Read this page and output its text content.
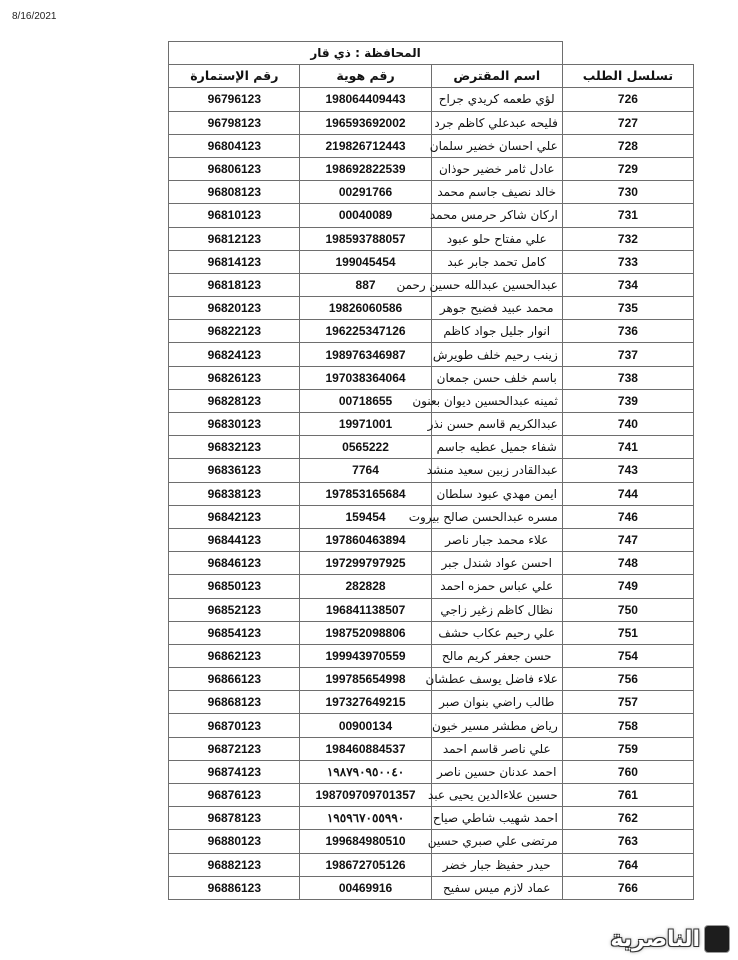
8/16/2021
	المحافظة : ذي قار			
تسلسل الطلب	اسم المقترض	رقم هوية	رقم الإستمارة	
726	لؤي طعمه كريدي جراح	198064409443	96796123	
727	فليحه عبدعلي كاظم جرد	196593692002	96798123	
728	علي احسان خضير سلمان	219826712443	96804123	
729	عادل ثامر خضير حوذان	198692822539	96806123	
730	خالد نصيف جاسم محمد	00291766	96808123	
731	اركان شاكر حرمس محمد	00040089	96810123	
732	علي مفتاح حلو عبود	198593788057	96812123	
733	كامل تحمد جابر عبد	199045454	96814123	
734	عبدالحسين عبدالله حسين رحمن	887	96818123	
735	محمد عبيد فضيح جوهر	19826060586	96820123	
736	انوار جليل جواد كاظم	196225347126	96822123	
737	زينب رحيم خلف طويرش	198976346987	96824123	
738	باسم خلف حسن جمعان	197038364064	96826123	
739	ثمينه عبدالحسين ديوان بعنون	00718655	96828123	
740	عبدالكريم قاسم حسن نذر	19971001	96830123	
741	شفاء جميل عطيه جاسم	0565222	96832123	
743	عبدالقادر زبين سعيد منشد	7764	96836123	
744	ايمن مهدي عبود سلطان	197853165684	96838123	
746	مسره عبدالحسن صالح بيروت	159454	96842123	
747	علاء محمد جبار ناصر	197860463894	96844123	
748	احسن عواد شندل جبر	197299797925	96846123	
749	علي عباس حمزه احمد	282828	96850123	
750	نظال كاظم زغير زاجي	196841138507	96852123	
751	علي رحيم عكاب حشف	198752098806	96854123	
754	حسن جعفر كريم مالح	199943970559	96862123	
756	علاء فاضل يوسف عطشان	199785654998	96866123	
757	طالب راضي بنوان صبر	197327649215	96868123	
758	رياض مطشر مسير خيون	00900134	96870123	
759	علي ناصر قاسم احمد	198460884537	96872123	
760	احمد عدنان حسين ناصر	١٩٨٧٩٠٩٥٠٠٤٠	96874123	
761	حسين علاءالدين يحيى عبد	198709709701357	96876123	
762	احمد شهيب شاطي صياح	١٩٥٩٦٧٠٥٥٩٩٠	96878123	
763	مرتضى علي صبري حسين	199684980510	96880123	
764	حيدر حفيظ جبار خضر	198672705126	96882123	
766	عماد لازم ميس سفيح	00469916	96886123	
الناصرية
